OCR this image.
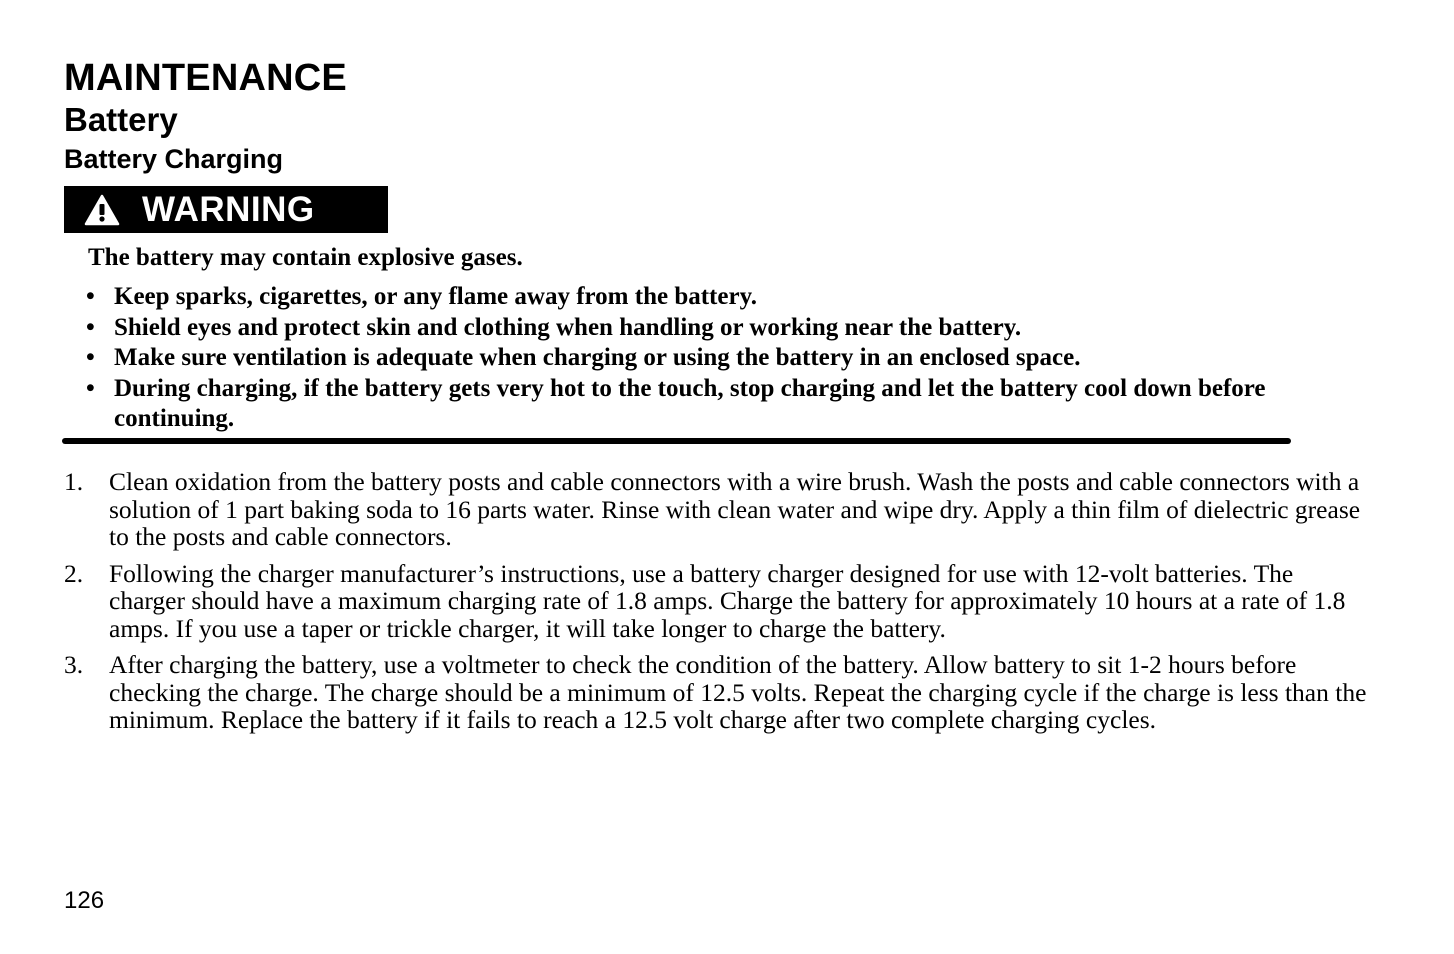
MAINTENANCE
Battery
Battery Charging
WARNING

The battery may contain explosive gases.

• Keep sparks, cigarettes, or any flame away from the battery.
• Shield eyes and protect skin and clothing when handling or working near the battery.
• Make sure ventilation is adequate when charging or using the battery in an enclosed space.
• During charging, if the battery gets very hot to the touch, stop charging and let the battery cool down before continuing.
1. Clean oxidation from the battery posts and cable connectors with a wire brush. Wash the posts and cable connectors with a solution of 1 part baking soda to 16 parts water. Rinse with clean water and wipe dry. Apply a thin film of dielectric grease to the posts and cable connectors.
2. Following the charger manufacturer’s instructions, use a battery charger designed for use with 12-volt batteries. The charger should have a maximum charging rate of 1.8 amps. Charge the battery for approximately 10 hours at a rate of 1.8 amps. If you use a taper or trickle charger, it will take longer to charge the battery.
3. After charging the battery, use a voltmeter to check the condition of the battery. Allow battery to sit 1-2 hours before checking the charge. The charge should be a minimum of 12.5 volts. Repeat the charging cycle if the charge is less than the minimum. Replace the battery if it fails to reach a 12.5 volt charge after two complete charging cycles.
126
